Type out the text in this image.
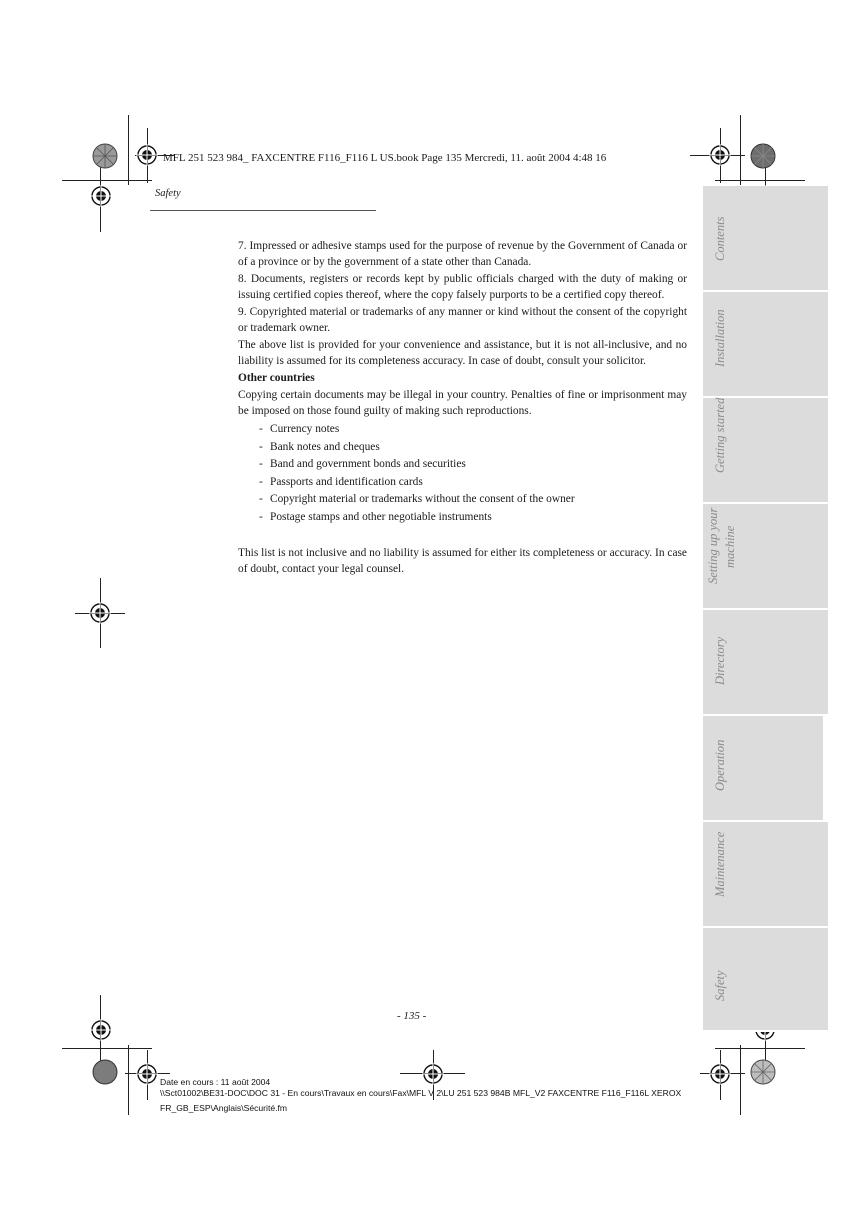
MFL 251 523 984_ FAXCENTRE F116_F116 L US.book Page 135 Mercredi, 11. août 2004 4:48 16
Safety

7. Impressed or adhesive stamps used for the purpose of revenue by the Government of Canada or of a province or by the government of a state other than Canada.

8. Documents, registers or records kept by public officials charged with the duty of making or issuing certified copies thereof, where the copy falsely purports to be a certified copy thereof.

9. Copyrighted material or trademarks of any manner or kind without the consent of the copyright or trademark owner.

The above list is provided for your convenience and assistance, but it is not all-inclusive, and no liability is assumed for its completeness accuracy. In case of doubt, consult your solicitor.

Other countries

Copying certain documents may be illegal in your country. Penalties of fine or imprisonment may be imposed on those found guilty of making such reproductions.

- Currency notes
- Bank notes and cheques
- Band and government bonds and securities
- Passports and identification cards
- Copyright material or trademarks without the consent of the owner
- Postage stamps and other negotiable instruments

This list is not inclusive and no liability is assumed for either its completeness or accuracy. In case of doubt, contact your legal counsel.

- 135 -
Contents
Installation
Getting started
Setting up your machine
Directory
Operation
Maintenance
Safety
Date en cours : 11 août 2004
\\Sct01002\BE31-DOC\DOC 31 - En cours\Travaux en cours\Fax\MFL V 2\LU 251 523 984B MFL_V2 FAXCENTRE F116_F116L XEROX
FR_GB_ESP\Anglais\Sécurité.fm
